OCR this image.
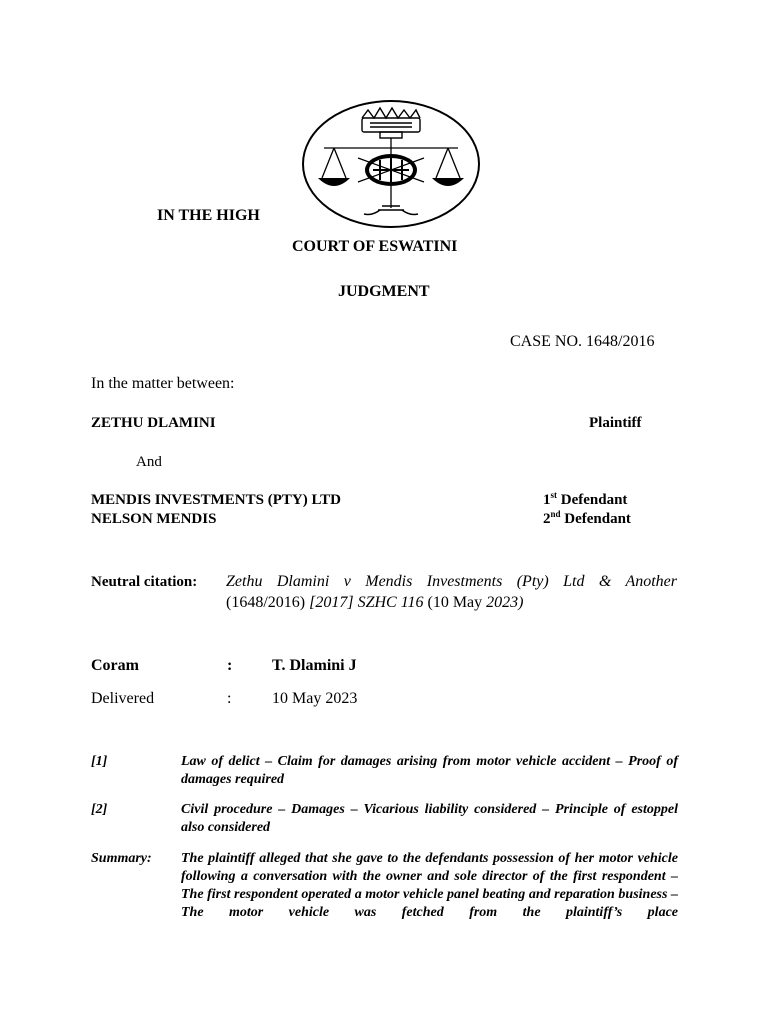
IN THE HIGH
COURT OF ESWATINI
JUDGMENT
CASE NO. 1648/2016
In the matter between:
ZETHU DLAMINI	Plaintiff
And
MENDIS INVESTMENTS (PTY) LTD	1st Defendant
NELSON MENDIS	2nd Defendant
Neutral citation: Zethu Dlamini v Mendis Investments (Pty) Ltd & Another
(1648/2016) [2017] SZHC 116 (10 May 2023)
Coram	: T. Dlamini J
Delivered	:	10 May 2023
[1]	Law of delict – Claim for damages arising from motor vehicle accident – Proof of damages required
[2]	Civil procedure – Damages – Vicarious liability considered – Principle of estoppel also considered
Summary: The plaintiff alleged that she gave to the defendants possession of her motor vehicle following a conversation with the owner and sole director of the first respondent – The first respondent operated a motor vehicle panel beating and reparation business – The motor vehicle was fetched from the plaintiff’s place
